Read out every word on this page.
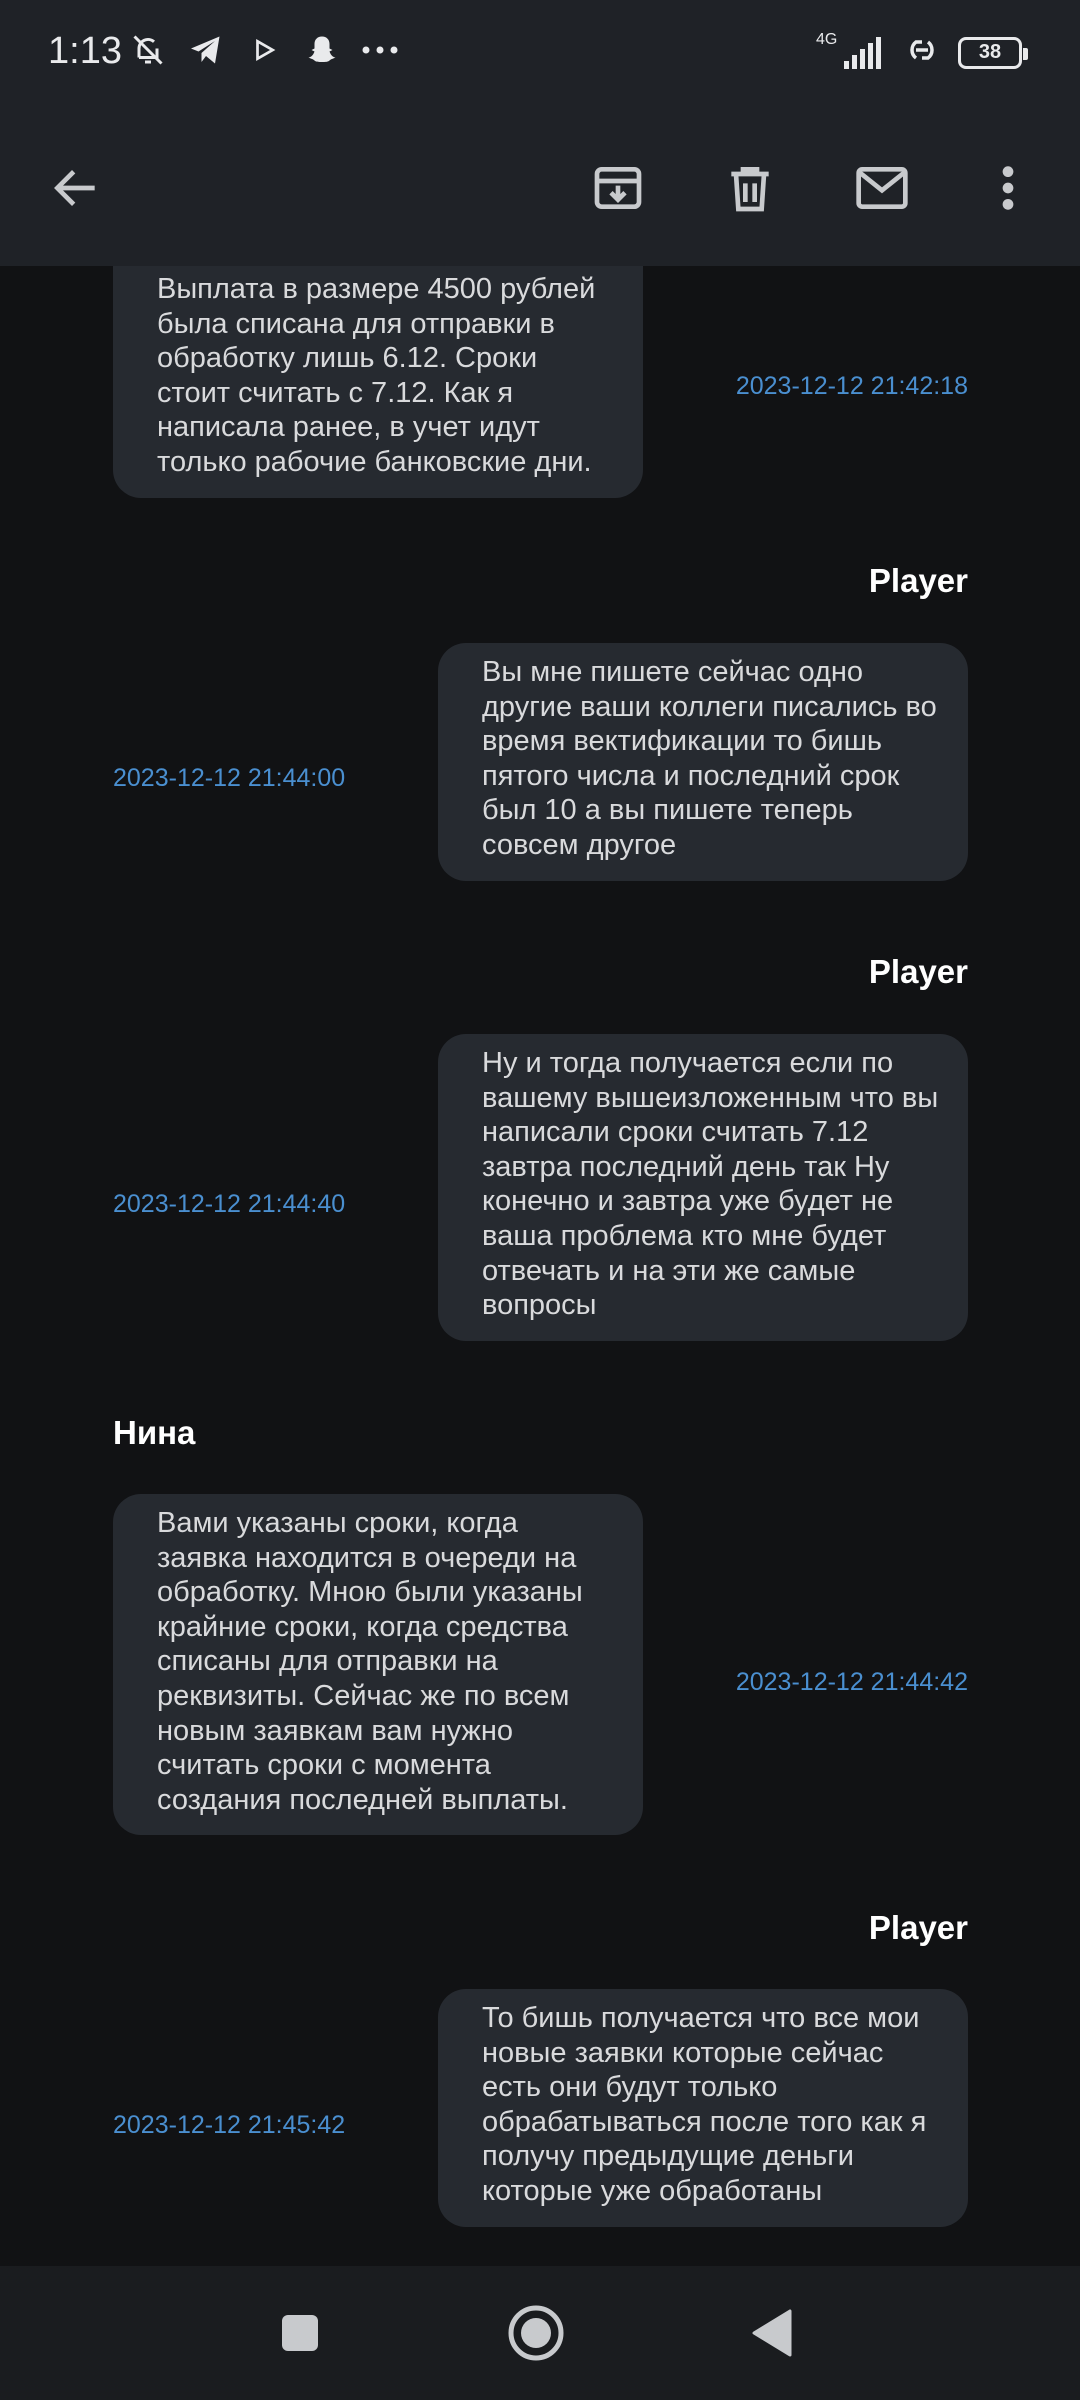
1:13	4G
38
Выплата в размере 4500 рублей была списана для отправки в обработку лишь 6.12. Сроки стоит считать с 7.12. Как я написала ранее, в учет идут только рабочие банковские дни.
2023-12-12 21:42:18
Player
Вы мне пишете сейчас одно другие ваши коллеги писались во время вектификации то бишь пятого числа и последний срок был 10 а вы пишете теперь совсем другое
2023-12-12 21:44:00
Player
Ну и тогда получается если по вашему вышеизложенным что вы написали сроки считать 7.12 завтра последний день так Ну конечно и завтра уже будет не ваша проблема кто мне будет отвечать и на эти же самые вопросы
2023-12-12 21:44:40
Нина
Вами указаны сроки, когда заявка находится в очереди на обработку. Мною были указаны крайние сроки, когда средства списаны для отправки на реквизиты. Сейчас же по всем новым заявкам вам нужно считать сроки с момента создания последней выплаты.
2023-12-12 21:44:42
Player
То бишь получается что все мои новые заявки которые сейчас есть они будут только обрабатываться после того как я получу предыдущие деньги которые уже обработаны
2023-12-12 21:45:42
